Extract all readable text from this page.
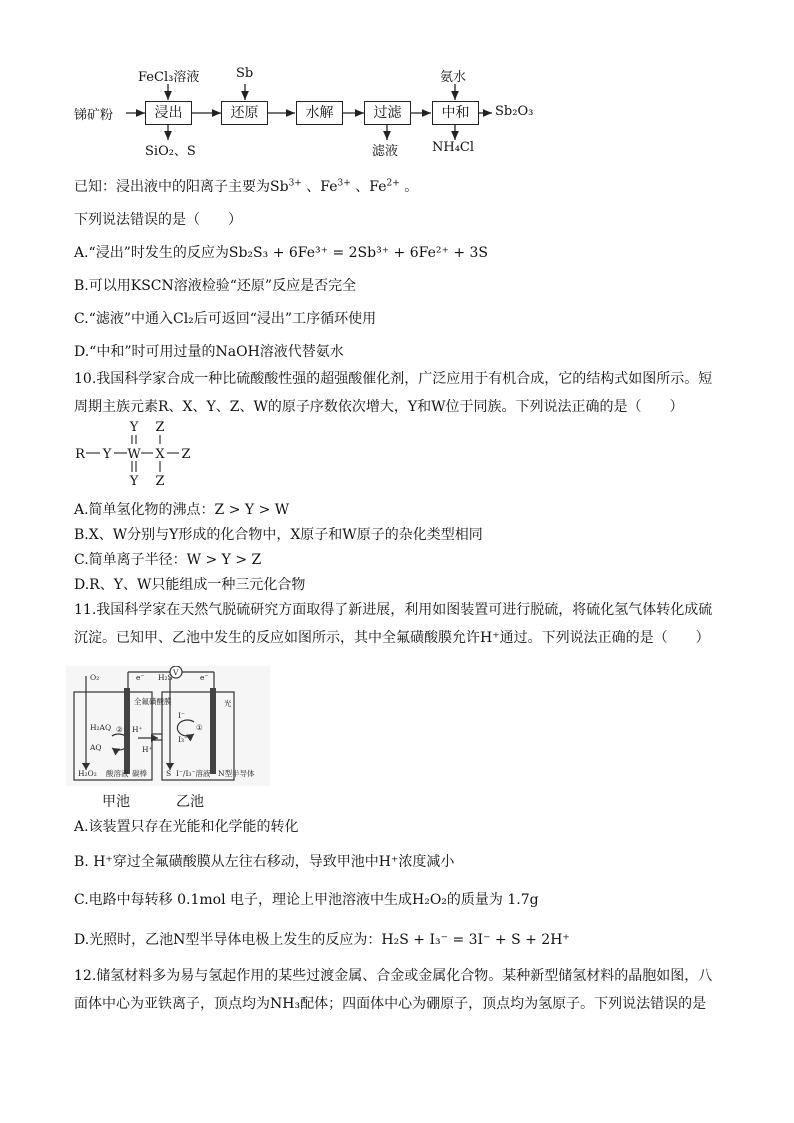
锑矿粉	浸出	还原	水解	过滤	中和
FeCl₃溶液	Sb	氨水
SiO₂、S	滤液	NH₄Cl
Sb₂O₃
已知：浸出液中的阳离子主要为$Sb^{3+}$ 、$Fe^{3+}$ 、$Fe^{2+}$ 。
下列说法错误的是（　　）
A.“浸出”时发生的反应为Sb₂S₃ + 6Fe³⁺ = 2Sb³⁺ + 6Fe²⁺ + 3S
B.可以用KSCN溶液检验“还原”反应是否完全
C.“滤液”中通入Cl₂后可返回“浸出”工序循环使用
D.“中和”时可用过量的NaOH溶液代替氨水
10.我国科学家合成一种比硫酸酸性强的超强酸催化剂，广泛应用于有机合成，它的结构式如图所示。短周期主族元素R、X、Y、Z、W的原子序数依次增大，Y和W位于同族。下列说法正确的是（　　）
R Y W X Z
Y
Y
Z
Z
A.简单氢化物的沸点：Z > Y > W
B.X、W分别与Y形成的化合物中，X原子和W原子的杂化类型相同
C.简单离子半径：W > Y > Z
D.R、Y、W只能组成一种三元化合物
11.我国科学家在天然气脱硫研究方面取得了新进展，利用如图装置可进行脱硫，将硫化氢气体转化成硫沉淀。已知甲、乙池中发生的反应如图所示，其中全氟磺酸膜允许H⁺通过。下列说法正确的是（　　）
O₂	H₂S
V
e⁻	e⁻
光
全氟磺酸膜
H₂AQ
AQ
② H⁺
H⁺
H₂O₂ 酸溶液 碳棒
I⁻
I₃⁻
①
S I⁻/I₃⁻溶液 N型半导体
甲池	乙池
A.该装置只存在光能和化学能的转化
B. H⁺穿过全氟磺酸膜从左往右移动，导致甲池中H⁺浓度减小
C.电路中每转移 0.1mol 电子，理论上甲池溶液中生成H₂O₂的质量为 1.7g
D.光照时，乙池N型半导体电极上发生的反应为：H₂S + I₃⁻ = 3I⁻ + S + 2H⁺
12.储氢材料多为易与氢起作用的某些过渡金属、合金或金属化合物。某种新型储氢材料的晶胞如图，八面体中心为亚铁离子，顶点均为NH₃配体；四面体中心为硼原子，顶点均为氢原子。下列说法错误的是
